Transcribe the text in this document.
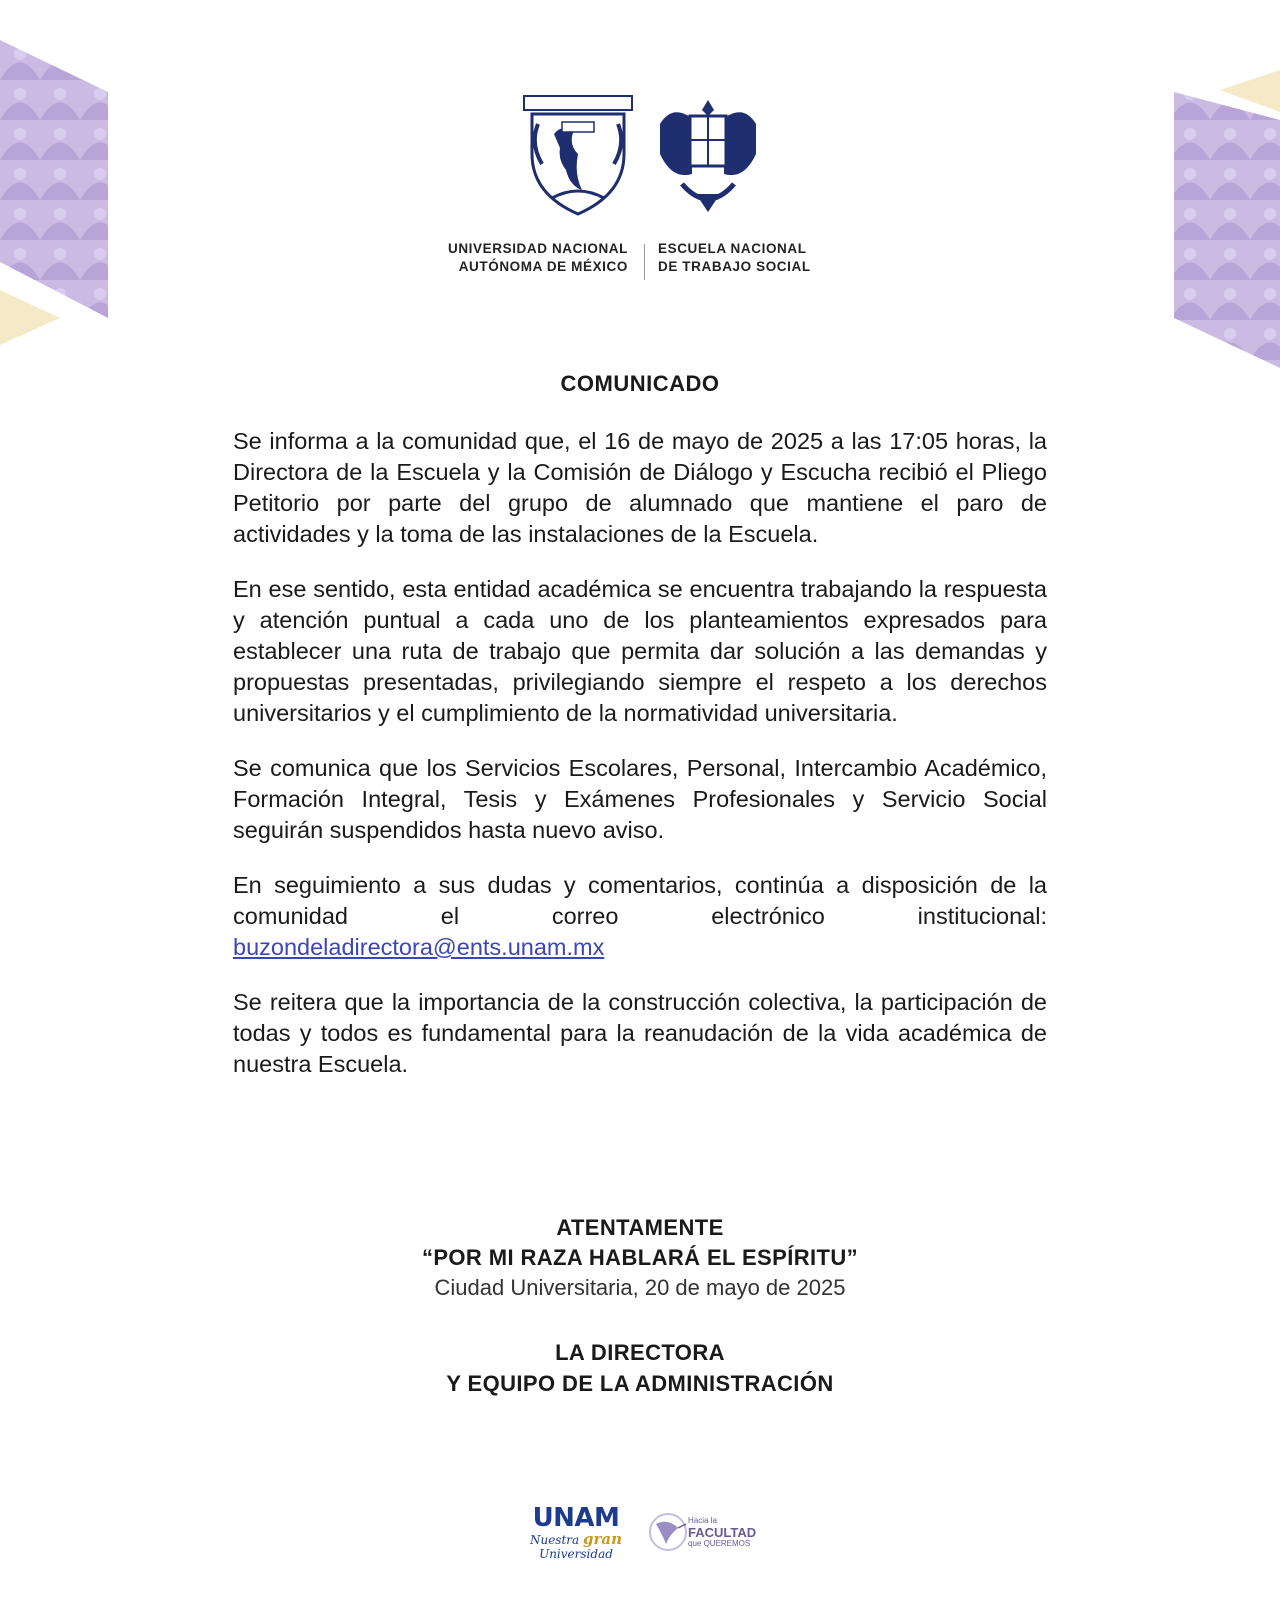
UNIVERSIDAD NACIONAL
AUTÓNOMA DE MÉXICO
ESCUELA NACIONAL
DE TRABAJO SOCIAL
COMUNICADO

Se informa a la comunidad que, el 16 de mayo de 2025 a las 17:05 horas, la Directora de la Escuela y la Comisión de Diálogo y Escucha recibió el Pliego Petitorio por parte del grupo de alumnado que mantiene el paro de actividades y la toma de las instalaciones de la Escuela.

En ese sentido, esta entidad académica se encuentra trabajando la respuesta y atención puntual a cada uno de los planteamientos expresados para establecer una ruta de trabajo que permita dar solución a las demandas y propuestas presentadas, privilegiando siempre el respeto a los derechos universitarios y el cumplimiento de la normatividad universitaria.

Se comunica que los Servicios Escolares, Personal, Intercambio Académico, Formación Integral, Tesis y Exámenes Profesionales y Servicio Social seguirán suspendidos hasta nuevo aviso.

En seguimiento a sus dudas y comentarios, continúa a disposición de la comunidad el correo electrónico institucional: buzondeladirectora@ents.unam.mx

Se reitera que la importancia de la construcción colectiva, la participación de todas y todos es fundamental para la reanudación de la vida académica de nuestra Escuela.

ATENTAMENTE
“POR MI RAZA HABLARÁ EL ESPÍRITU”
Ciudad Universitaria, 20 de mayo de 2025
LA DIRECTORA
Y EQUIPO DE LA ADMINISTRACIÓN
UNAM
Nuestra gran
Universidad
Hacia la
FACULTAD
que QUEREMOS
